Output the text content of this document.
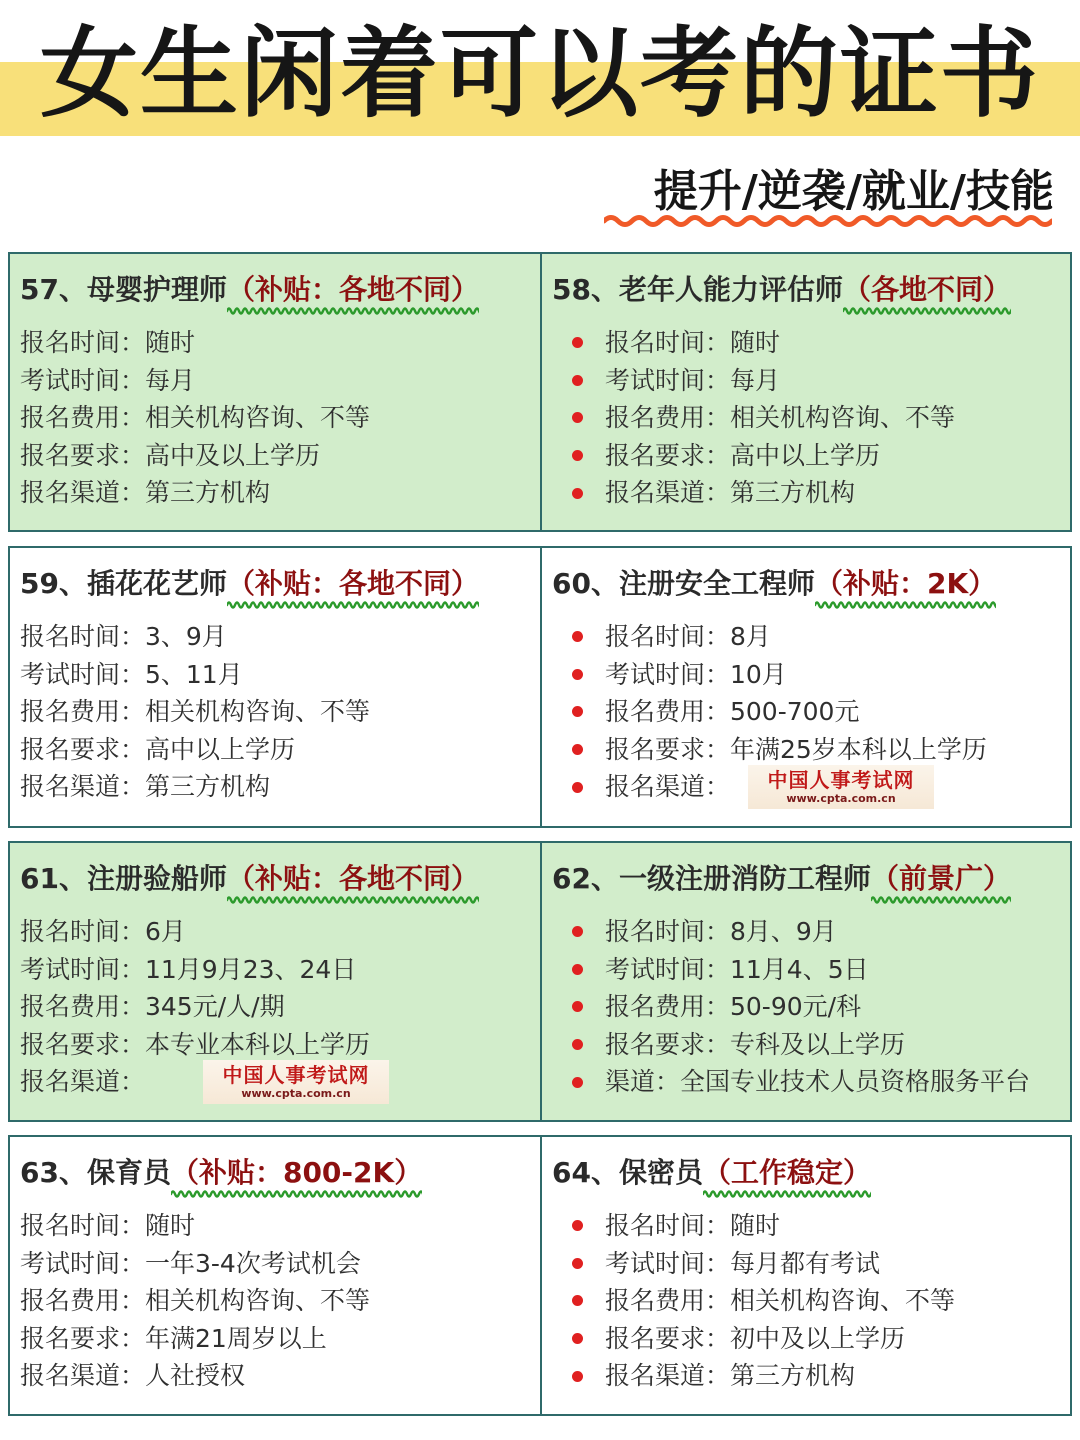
女生闲着可以考的证书
提升/逆袭/就业/技能
57、母婴护理师（补贴：各地不同）
报名时间：随时
考试时间：每月
报名费用：相关机构咨询、不等
报名要求：高中及以上学历
报名渠道：第三方机构
58、老年人能力评估师（各地不同）
报名时间：随时
考试时间：每月
报名费用：相关机构咨询、不等
报名要求：高中以上学历
报名渠道：第三方机构
59、插花花艺师（补贴：各地不同）
报名时间：3、9月
考试时间：5、11月
报名费用：相关机构咨询、不等
报名要求：高中以上学历
报名渠道：第三方机构
60、注册安全工程师（补贴：2K）
报名时间：8月
考试时间：10月
报名费用：500-700元
报名要求：年满25岁本科以上学历
报名渠道： 中国人事考试网
www.cpta.com.cn
61、注册验船师（补贴：各地不同）
报名时间：6月
考试时间：11月9月23、24日
报名费用：345元/人/期
报名要求：本专业本科以上学历
报名渠道：	中国人事考试网
www.cpta.com.cn
62、一级注册消防工程师（前景广）
报名时间：8月、9月
考试时间：11月4、5日
报名费用：50-90元/科
报名要求：专科及以上学历
渠道：全国专业技术人员资格服务平台
63、保育员（补贴：800-2K）
报名时间：随时
考试时间：一年3-4次考试机会
报名费用：相关机构咨询、不等
报名要求：年满21周岁以上
报名渠道：人社授权
64、保密员（工作稳定）
报名时间：随时
考试时间：每月都有考试
报名费用：相关机构咨询、不等
报名要求：初中及以上学历
报名渠道：第三方机构
